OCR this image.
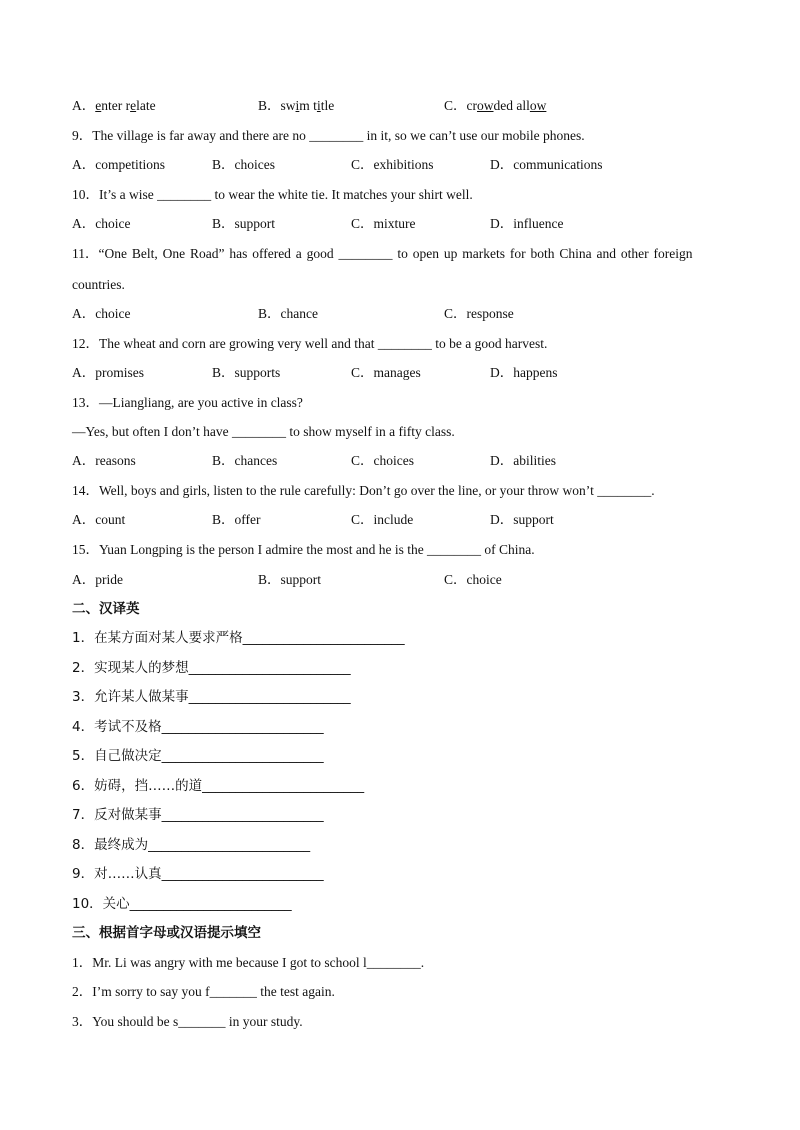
A．enter relate	B．swim title	C．crowded allow
9．The village is far away and there are no ________ in it, so we can’t use our mobile phones.
A．competitions	B．choices	C．exhibitions	D．communications
10．It’s a wise ________ to wear the white tie. It matches your shirt well.
A．choice	B．support	C．mixture	D．influence
11．“One Belt, One Road” has offered a good ________ to open up markets for both China and other foreign
countries.
A．choice	B．chance	C．response
12．The wheat and corn are growing very well and that ________ to be a good harvest.
A．promises	B．supports	C．manages	D．happens
13．—Liangliang, are you active in class?
—Yes, but often I don’t have ________ to show myself in a fifty class.
A．reasons	B．chances	C．choices	D．abilities
14．Well, boys and girls, listen to the rule carefully: Don’t go over the line, or your throw won’t ________.
A．count	B．offer	C．include	D．support
15．Yuan Longping is the person I admire the most and he is the ________ of China.
A．pride	B．support	C．choice
二、汉译英
1．在某方面对某人要求严格________________________
2．实现某人的梦想________________________
3．允许某人做某事________________________
4．考试不及格________________________
5．自己做决定________________________
6．妨碍，挡……的道________________________
7．反对做某事________________________
8．最终成为________________________
9．对……认真________________________
10．关心________________________
三、根据首字母或汉语提示填空
1．Mr. Li was angry with me because I got to school l________.
2．I’m sorry to say you f_______ the test again.
3．You should be s_______ in your study.
